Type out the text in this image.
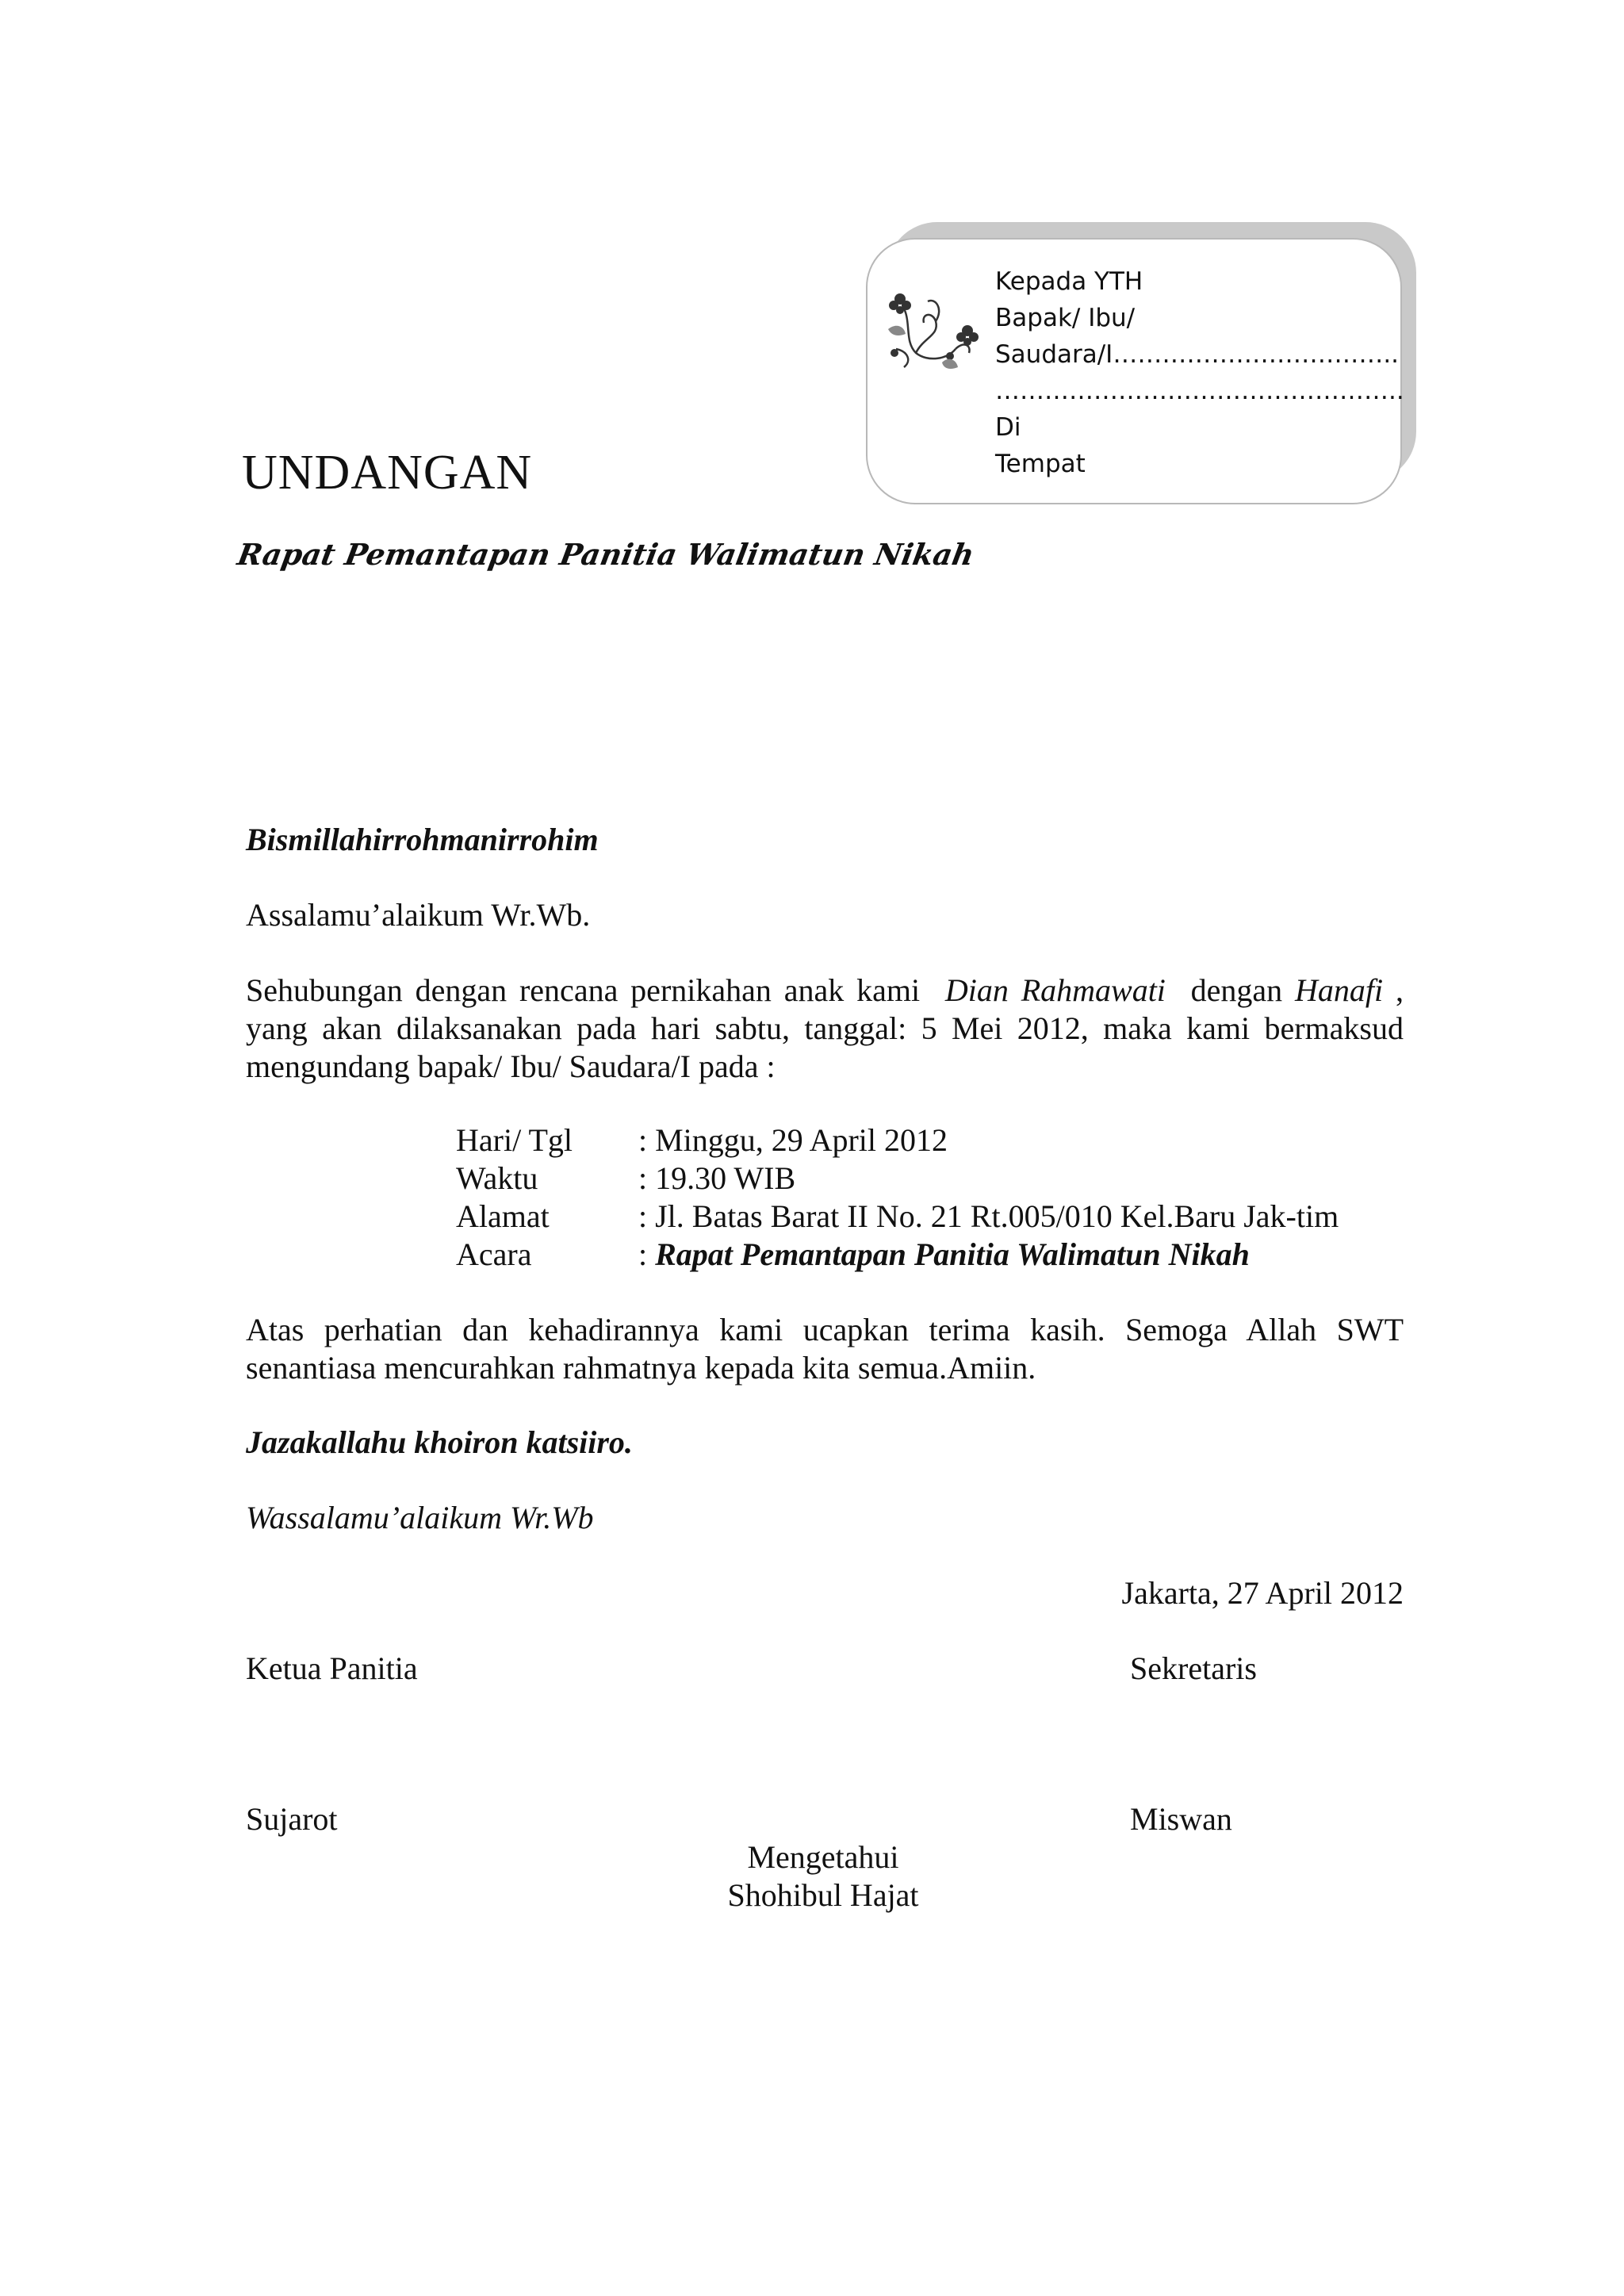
Kepada YTH
Bapak/ Ibu/
Saudara/I……………………………..
…………………………………………..
Di
Tempat
UNDANGAN
Rapat Pemantapan Panitia Walimatun Nikah
Bismillahirrohmanirrohim
Assalamu’alaikum Wr.Wb.
Sehubungan dengan rencana pernikahan anak kami Dian Rahmawati dengan Hanafi ,
yang akan dilaksanakan pada hari sabtu, tanggal: 5 Mei 2012, maka kami bermaksud
mengundang bapak/ Ibu/ Saudara/I pada :
Hari/ Tgl : Minggu, 29 April 2012
Waktu	: 19.30 WIB
Alamat	: Jl. Batas Barat II No. 21 Rt.005/010 Kel.Baru Jak-tim
Acara	: Rapat Pemantapan Panitia Walimatun Nikah
Atas perhatian dan kehadirannya kami ucapkan terima kasih. Semoga Allah SWT
senantiasa mencurahkan rahmatnya kepada kita semua.Amiin.
Jazakallahu khoiron katsiiro.
Wassalamu’alaikum Wr.Wb
Jakarta, 27 April 2012
Ketua Panitia	Sekretaris
Sujarot	Miswan
Mengetahui
Shohibul Hajat
